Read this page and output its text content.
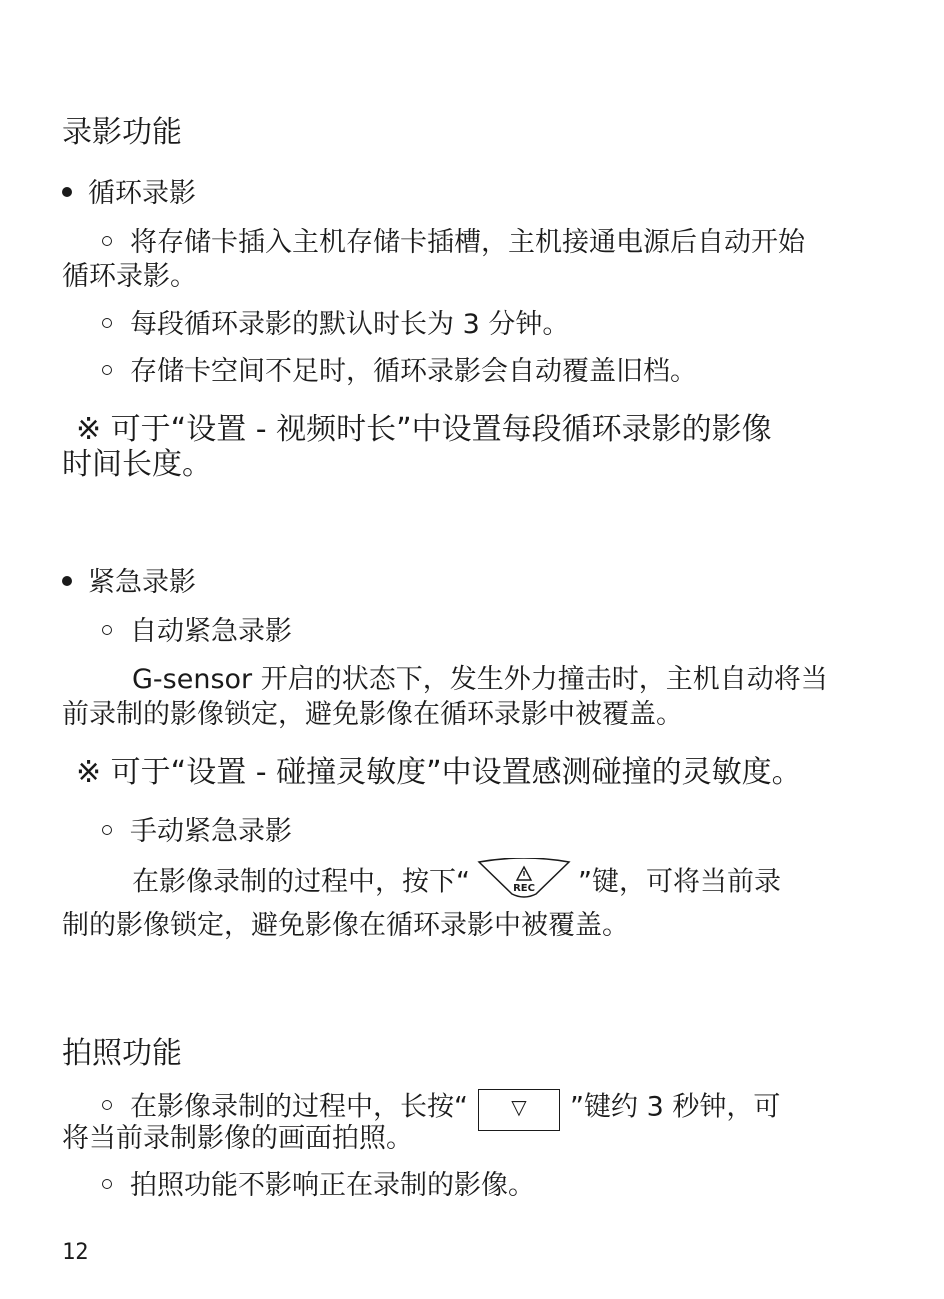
录影功能
循环录影
将存储卡插入主机存储卡插槽，主机接通电源后自动开始
循环录影。
每段循环录影的默认时长为 3 分钟。
存储卡空间不足时，循环录影会自动覆盖旧档。
※ 可于“设置 - 视频时长”中设置每段循环录影的影像
时间长度。
紧急录影
自动紧急录影
G-sensor 开启的状态下，发生外力撞击时，主机自动将当
前录制的影像锁定，避免影像在循环录影中被覆盖。
※ 可于“设置 - 碰撞灵敏度”中设置感测碰撞的灵敏度。
手动紧急录影
在影像录制的过程中，按下“	REC ”键，可将当前录
制的影像锁定，避免影像在循环录影中被覆盖。
拍照功能
在影像录制的过程中，长按“ ▽ ”键约 3 秒钟，可
将当前录制影像的画面拍照。
拍照功能不影响正在录制的影像。
12
